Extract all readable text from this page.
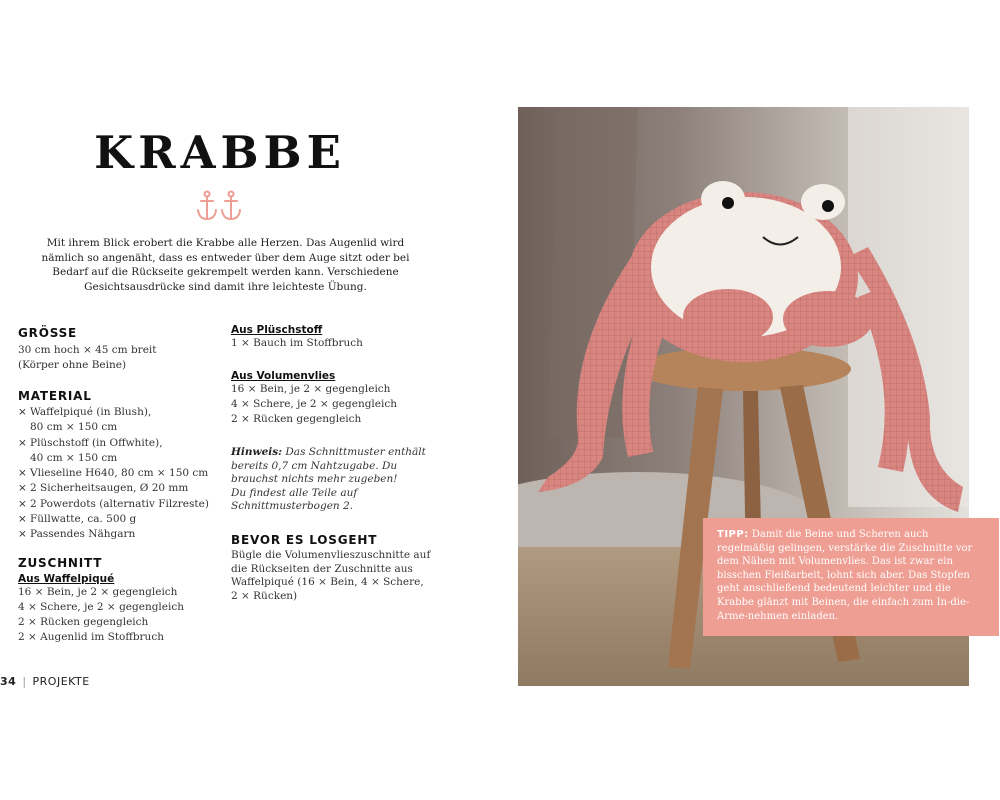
KRABBE
Mit ihrem Blick erobert die Krabbe alle Herzen. Das Augenlid wird nämlich so angenäht, dass es entweder über dem Auge sitzt oder bei Bedarf auf die Rückseite gekrempelt werden kann. Verschiedene Gesichtsausdrücke sind damit ihre leichteste Übung.
GRÖSSE
30 cm hoch × 45 cm breit
(Körper ohne Beine)
MATERIAL
× Waffelpiqué (in Blush),
80 cm × 150 cm
× Plüschstoff (in Offwhite),
40 cm × 150 cm
× Vlieseline H640, 80 cm × 150 cm
× 2 Sicherheitsaugen, Ø 20 mm
× 2 Powerdots (alternativ Filzreste)
× Füllwatte, ca. 500 g
× Passendes Nähgarn
ZUSCHNITT
Aus Waffelpiqué
16 × Bein, je 2 × gegengleich
4 × Schere, je 2 × gegengleich
2 × Rücken gegengleich
2 × Augenlid im Stoffbruch
Aus Plüschstoff
1 × Bauch im Stoffbruch
Aus Volumenvlies
16 × Bein, je 2 × gegengleich
4 × Schere, je 2 × gegengleich
2 × Rücken gegengleich
Hinweis: Das Schnittmuster enthält bereits 0,7 cm Nahtzugabe. Du brauchst nichts mehr zugeben!
Du findest alle Teile auf Schnittmusterbogen 2.
BEVOR ES LOSGEHT
Bügle die Volumenvlieszuschnitte auf die Rückseiten der Zuschnitte aus Waffelpiqué (16 × Bein, 4 × Schere, 2 × Rücken)
34 | PROJEKTE
TIPP: Damit die Beine und Scheren auch regelmäßig gelingen, verstärke die Zuschnitte vor dem Nähen mit Volumenvlies. Das ist zwar ein bisschen Fleißarbeit, lohnt sich aber. Das Stopfen geht anschließend bedeutend leichter und die Krabbe glänzt mit Beinen, die einfach zum In-die-Arme-nehmen einladen.
